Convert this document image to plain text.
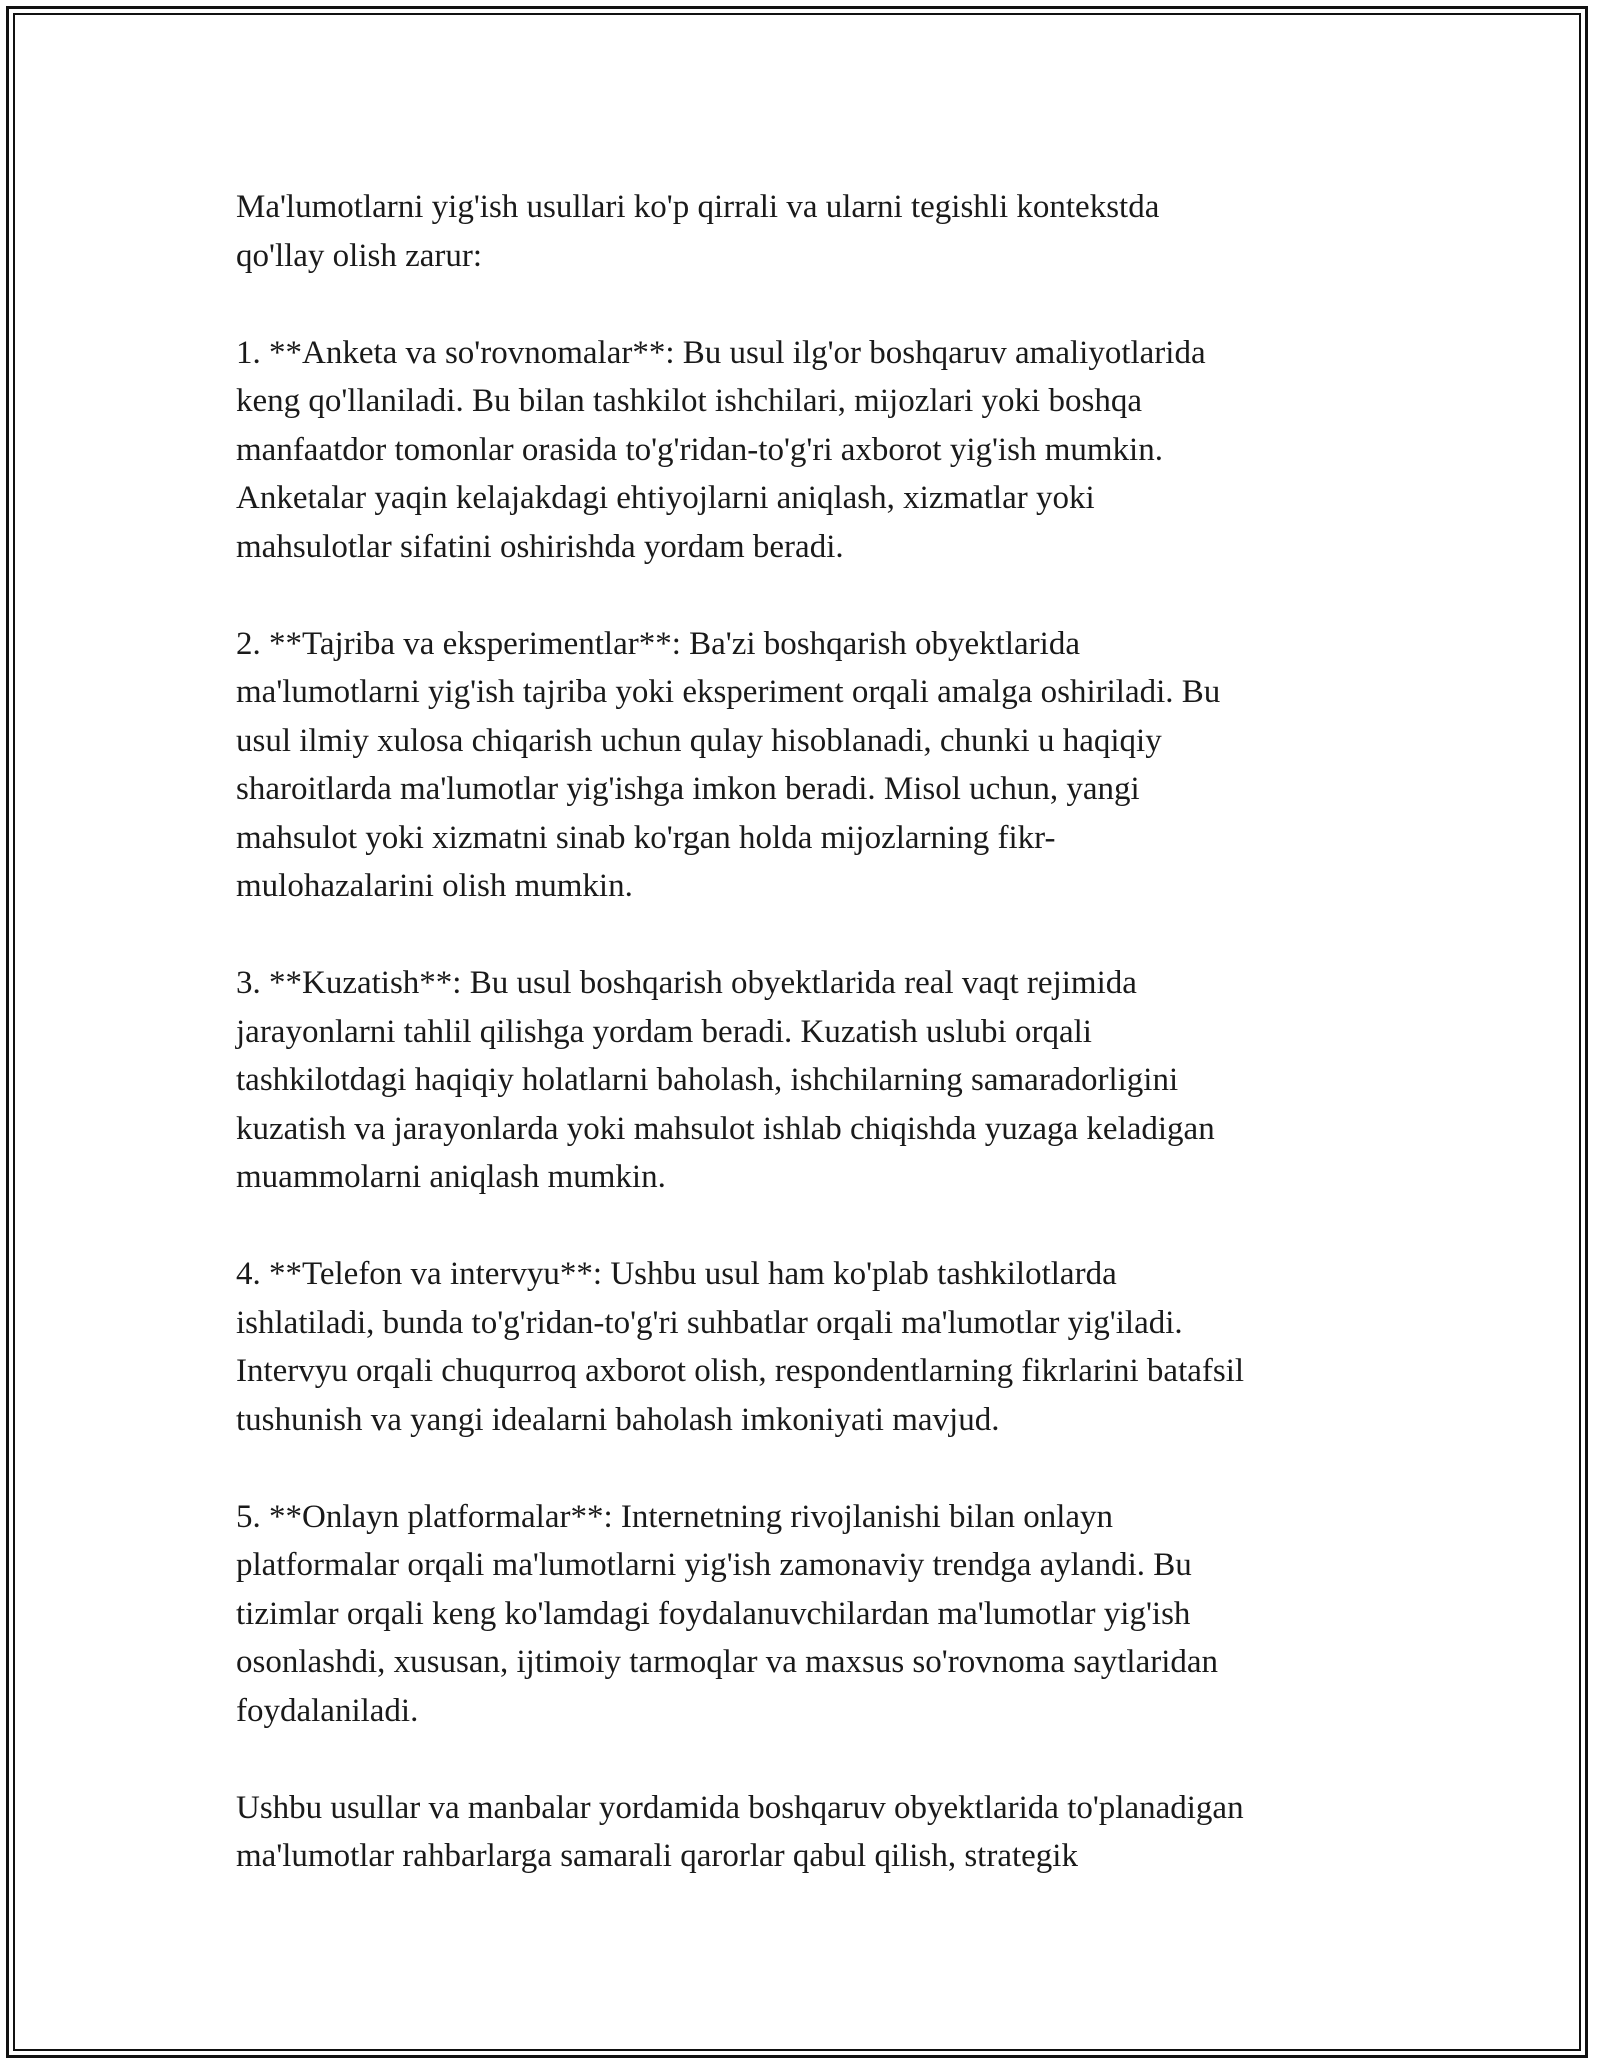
Ma'lumotlarni yig'ish usullari ko'p qirrali va ularni tegishli kontekstda
qo'llay olish zarur:

1. **Anketa va so'rovnomalar**: Bu usul ilg'or boshqaruv amaliyotlarida
keng qo'llaniladi. Bu bilan tashkilot ishchilari, mijozlari yoki boshqa
manfaatdor tomonlar orasida to'g'ridan-to'g'ri axborot yig'ish mumkin.
Anketalar yaqin kelajakdagi ehtiyojlarni aniqlash, xizmatlar yoki
mahsulotlar sifatini oshirishda yordam beradi.

2. **Tajriba va eksperimentlar**: Ba'zi boshqarish obyektlarida
ma'lumotlarni yig'ish tajriba yoki eksperiment orqali amalga oshiriladi. Bu
usul ilmiy xulosa chiqarish uchun qulay hisoblanadi, chunki u haqiqiy
sharoitlarda ma'lumotlar yig'ishga imkon beradi. Misol uchun, yangi
mahsulot yoki xizmatni sinab ko'rgan holda mijozlarning fikr-
mulohazalarini olish mumkin.

3. **Kuzatish**: Bu usul boshqarish obyektlarida real vaqt rejimida
jarayonlarni tahlil qilishga yordam beradi. Kuzatish uslubi orqali
tashkilotdagi haqiqiy holatlarni baholash, ishchilarning samaradorligini
kuzatish va jarayonlarda yoki mahsulot ishlab chiqishda yuzaga keladigan
muammolarni aniqlash mumkin.

4. **Telefon va intervyu**: Ushbu usul ham ko'plab tashkilotlarda
ishlatiladi, bunda to'g'ridan-to'g'ri suhbatlar orqali ma'lumotlar yig'iladi.
Intervyu orqali chuqurroq axborot olish, respondentlarning fikrlarini batafsil
tushunish va yangi idealarni baholash imkoniyati mavjud.

5. **Onlayn platformalar**: Internetning rivojlanishi bilan onlayn
platformalar orqali ma'lumotlarni yig'ish zamonaviy trendga aylandi. Bu
tizimlar orqali keng ko'lamdagi foydalanuvchilardan ma'lumotlar yig'ish
osonlashdi, xususan, ijtimoiy tarmoqlar va maxsus so'rovnoma saytlaridan
foydalaniladi.

Ushbu usullar va manbalar yordamida boshqaruv obyektlarida to'planadigan
ma'lumotlar rahbarlarga samarali qarorlar qabul qilish, strategik
